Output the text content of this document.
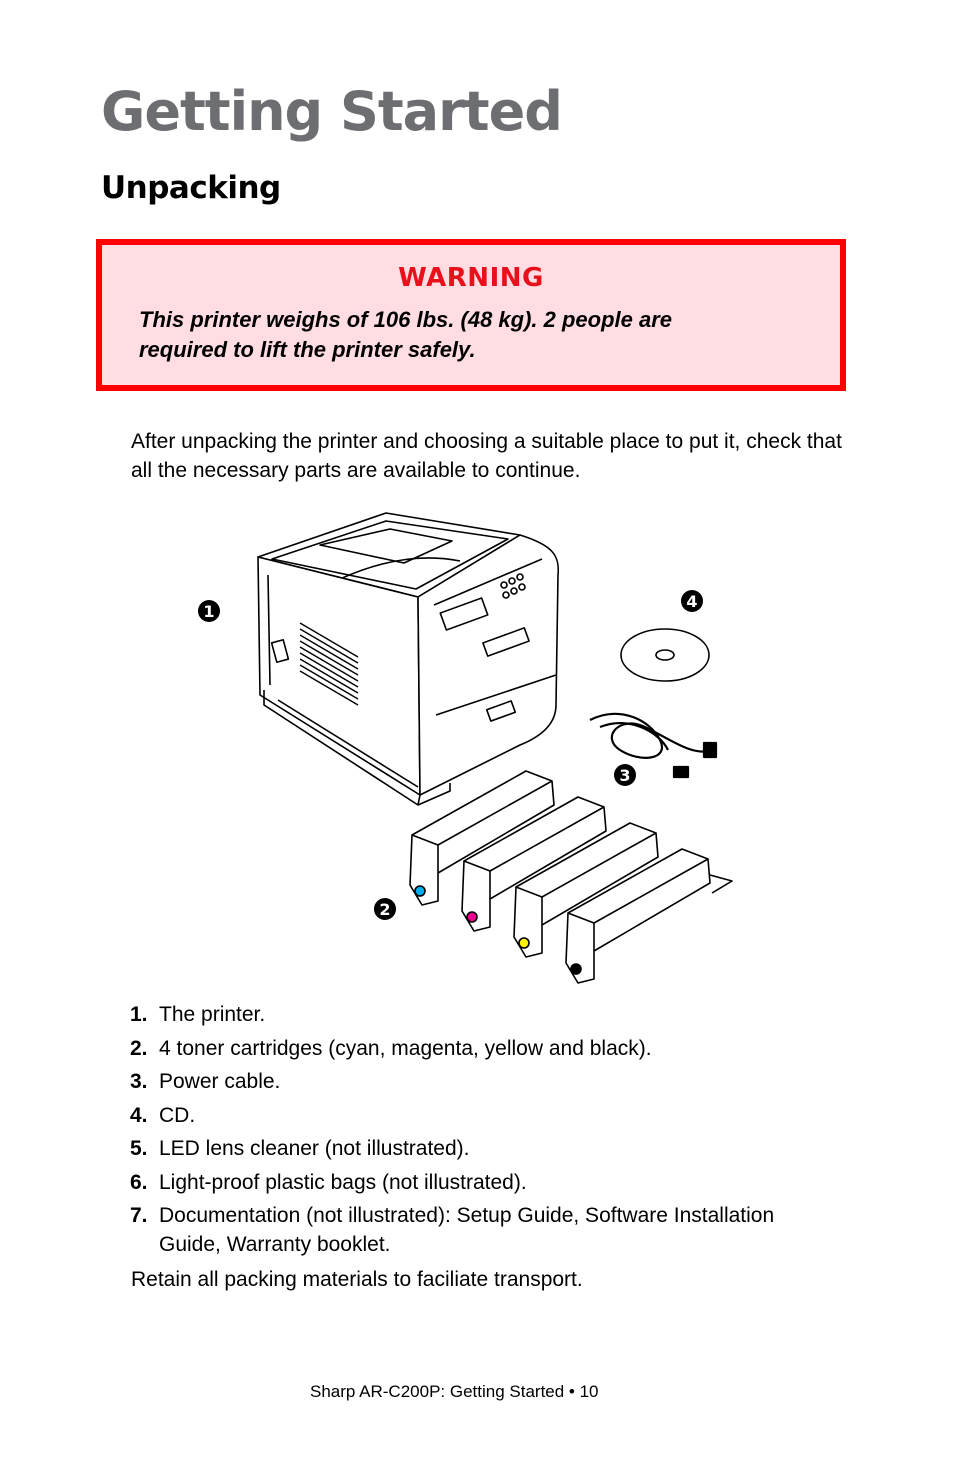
Getting Started
Unpacking
WARNING
This printer weighs of 106 lbs. (48 kg). 2 people are required to lift the printer safely.

After unpacking the printer and choosing a suitable place to put it, check that all the necessary parts are available to continue.

1
2
3
4
1. The printer.
2. 4 toner cartridges (cyan, magenta, yellow and black).
3. Power cable.
4. CD.
5. LED lens cleaner (not illustrated).
6. Light-proof plastic bags (not illustrated).
7. Documentation (not illustrated): Setup Guide, Software Installation Guide, Warranty booklet.

Retain all packing materials to faciliate transport.

Sharp AR-C200P: Getting Started • 10
